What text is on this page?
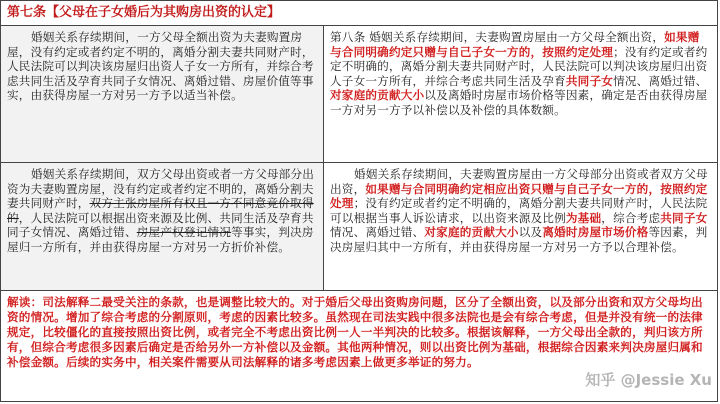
第七条【父母在子女婚后为其购房出资的认定】
婚姻关系存续期间，一方父母全额出资为夫妻购置房屋，没有约定或者约定不明的，离婚分割夫妻共同财产时，人民法院可以判决该房屋归出资人子女一方所有，并综合考虑共同生活及孕育共同子女情况、离婚过错、房屋价值等事实，由获得房屋一方对另一方予以适当补偿。	第八条 婚姻关系存续期间，夫妻购置房屋由一方父母全额出资，如果赠与合同明确约定只赠与自己子女一方的，按照约定处理；没有约定或者约定不明确的，离婚分割夫妻共同财产时，人民法院可以判决该房屋归出资人子女一方所有，并综合考虑共同生活及孕育共同子女情况、离婚过错、对家庭的贡献大小以及离婚时房屋市场价格等因素，确定是否由获得房屋一方对另一方予以补偿以及补偿的具体数额。
婚姻关系存续期间，双方父母出资或者一方父母部分出资为夫妻购置房屋，没有约定或者约定不明的，离婚分割夫妻共同财产时，双方主张房屋所有权且一方不同意竞价取得的，人民法院可以根据出资来源及比例、共同生活及孕育共同子女情况、离婚过错、房屋产权登记情况等事实，判决房屋归一方所有，并由获得房屋一方对另一方折价补偿。	婚姻关系存续期间，夫妻购置房屋由一方父母部分出资或者双方父母出资，如果赠与合同明确约定相应出资只赠与自己子女一方的，按照约定处理；没有约定或者约定不明确的，离婚分割夫妻共同财产时，人民法院可以根据当事人诉讼请求，以出资来源及比例为基础，综合考虑共同子女情况、离婚过错、对家庭的贡献大小以及离婚时房屋市场价格等因素，判决房屋归其中一方所有，并由获得房屋一方对另一方予以合理补偿。
解读：司法解释二最受关注的条款，也是调整比较大的。对于婚后父母出资购房问题，区分了全额出资，以及部分出资和双方父母均出资的情况。增加了综合考虑的分割原则，考虑的因素比较多。虽然现在司法实践中很多法院也是会有综合考虑，但是并没有统一的法律规定，比较僵化的直接按照出资比例，或者完全不考虑出资比例一人一半判决的比较多。根据该解释，一方父母出全款的，判归该方所有，但综合考虑很多因素后确定是否给另外一方补偿以及金额。其他两种情况，则以出资比例为基础，根据综合因素来判决房屋归属和补偿金额。后续的实务中，相关案件需要从司法解释的诸多考虑因素上做更多举证的努力。
知乎 @Jessie Xu
